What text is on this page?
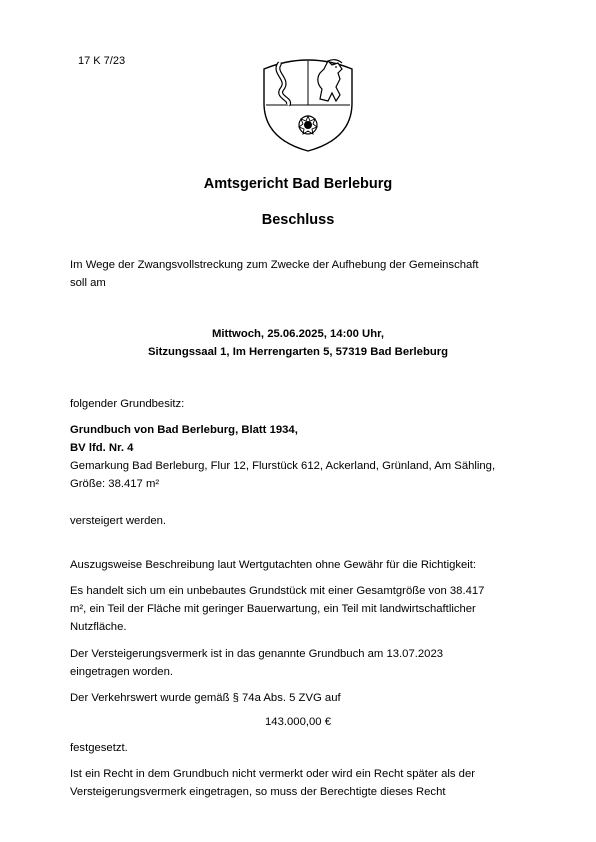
17 K 7/23
Amtsgericht Bad Berleburg
Beschluss
Im Wege der Zwangsvollstreckung zum Zwecke der Aufhebung der Gemeinschaft
soll am
Mittwoch, 25.06.2025, 14:00 Uhr,
Sitzungssaal 1, Im Herrengarten 5, 57319 Bad Berleburg
folgender Grundbesitz:
Grundbuch von Bad Berleburg, Blatt 1934,
BV lfd. Nr. 4
Gemarkung Bad Berleburg, Flur 12, Flurstück 612, Ackerland, Grünland, Am Sähling,
Größe: 38.417 m²
versteigert werden.
Auszugsweise Beschreibung laut Wertgutachten ohne Gewähr für die Richtigkeit:
Es handelt sich um ein unbebautes Grundstück mit einer Gesamtgröße von 38.417
m², ein Teil der Fläche mit geringer Bauerwartung, ein Teil mit landwirtschaftlicher
Nutzfläche.
Der Versteigerungsvermerk ist in das genannte Grundbuch am 13.07.2023
eingetragen worden.
Der Verkehrswert wurde gemäß § 74a Abs. 5 ZVG auf
143.000,00 €
festgesetzt.
Ist ein Recht in dem Grundbuch nicht vermerkt oder wird ein Recht später als der
Versteigerungsvermerk eingetragen, so muss der Berechtigte dieses Recht
